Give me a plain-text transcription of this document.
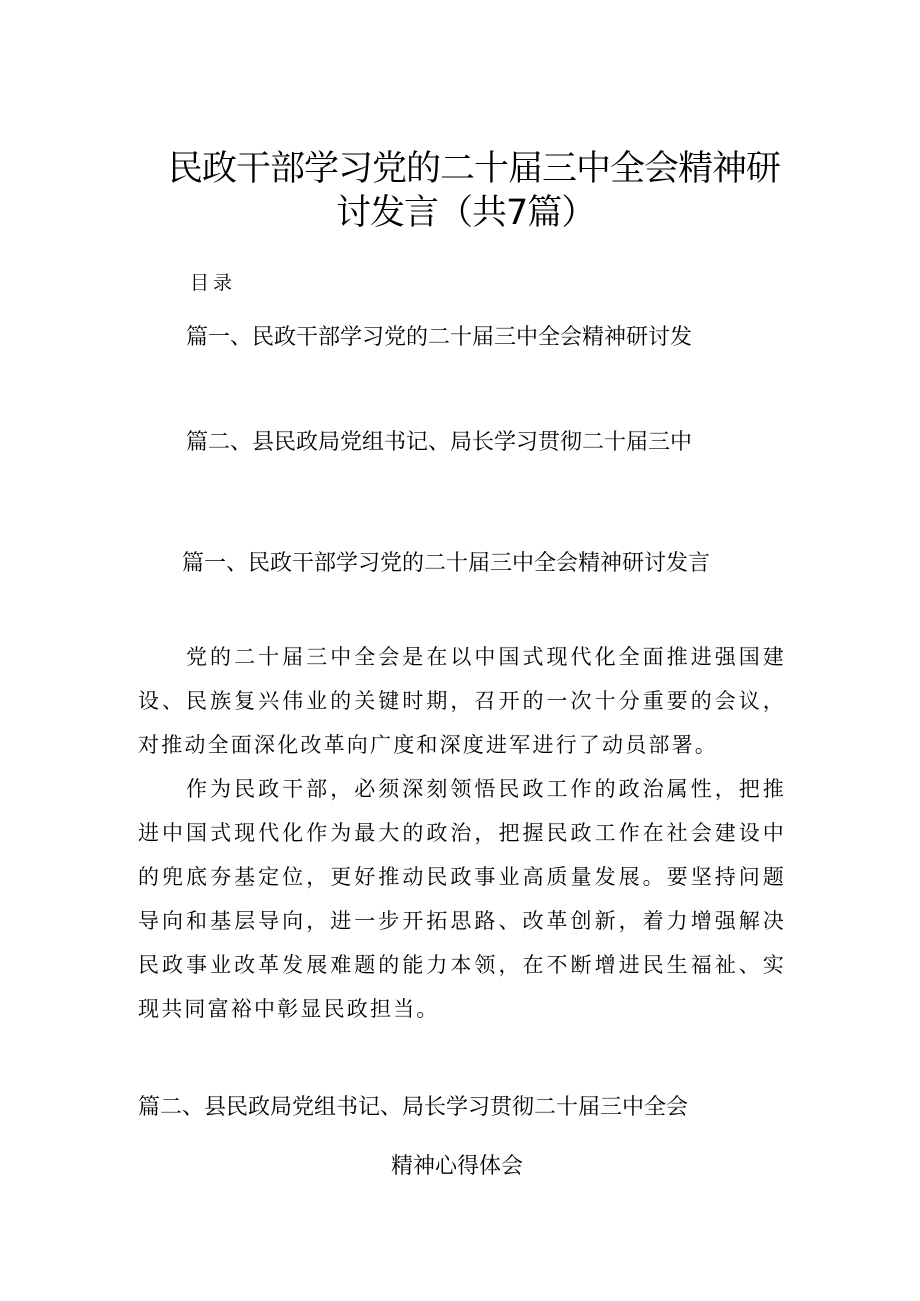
民政干部学习党的二十届三中全会精神研
讨发言（共7篇）
目录
篇一、民政干部学习党的二十届三中全会精神研讨发
篇二、县民政局党组书记、局长学习贯彻二十届三中
篇一、民政干部学习党的二十届三中全会精神研讨发言

党的二十届三中全会是在以中国式现代化全面推进强国建设、民族复兴伟业的关键时期，召开的一次十分重要的会议，对推动全面深化改革向广度和深度进军进行了动员部署。

作为民政干部，必须深刻领悟民政工作的政治属性，把推进中国式现代化作为最大的政治，把握民政工作在社会建设中的兜底夯基定位，更好推动民政事业高质量发展。要坚持问题导向和基层导向，进一步开拓思路、改革创新，着力增强解决民政事业改革发展难题的能力本领，在不断增进民生福祉、实现共同富裕中彰显民政担当。

篇二、县民政局党组书记、局长学习贯彻二十届三中全会
精神心得体会
